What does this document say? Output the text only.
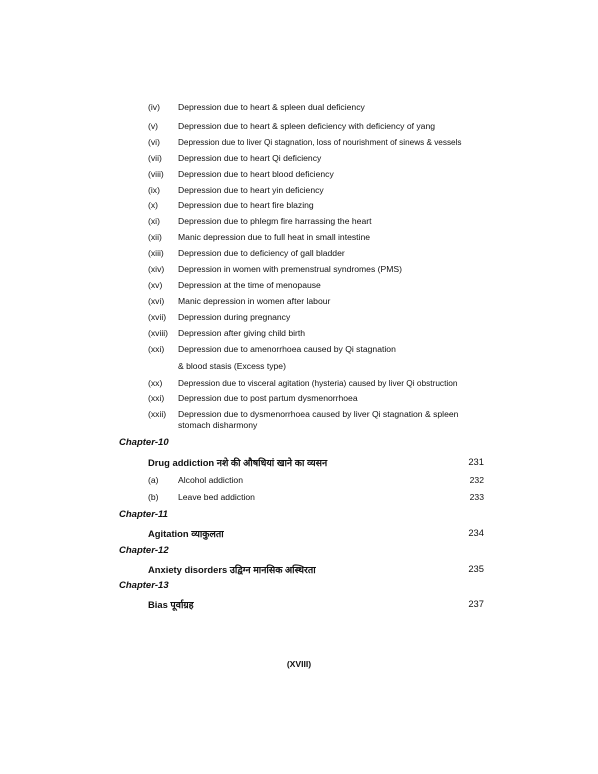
(iv) Depression due to heart & spleen dual deficiency
(v) Depression due to heart & spleen deficiency with deficiency of yang
(vi) Depression due to liver Qi stagnation, loss of nourishment of sinews & vessels
(vii) Depression due to heart Qi deficiency
(viii) Depression due to heart blood deficiency
(ix) Depression due to heart yin deficiency
(x) Depression due to heart fire blazing
(xi) Depression due to phlegm fire harrassing the heart
(xii) Manic depression due to full heat in small intestine
(xiii) Depression due to deficiency of gall bladder
(xiv) Depression in women with premenstrual syndromes (PMS)
(xv) Depression at the time of menopause
(xvi) Manic depression in women after labour
(xvii) Depression during pregnancy
(xviii) Depression after giving child birth
(xxi) Depression due to amenorrhoea caused by Qi stagnation
& blood stasis (Excess type)
(xx) Depression due to visceral agitation (hysteria) caused by liver Qi obstruction
(xxi) Depression due to post partum dysmenorrhoea
(xxii) Depression due to dysmenorrhoea caused by liver Qi stagnation & spleen stomach disharmony
Chapter-10
Drug addiction नशे की औषधियां खाने का व्यसन	231
(a) Alcohol addiction	232
(b) Leave bed addiction	233
Chapter-11
Agitation व्याकुलता	234
Chapter-12
Anxiety disorders उद्विग्न मानसिक अस्थिरता	235
Chapter-13
Bias पूर्वाग्रह	237
(XVIII)
